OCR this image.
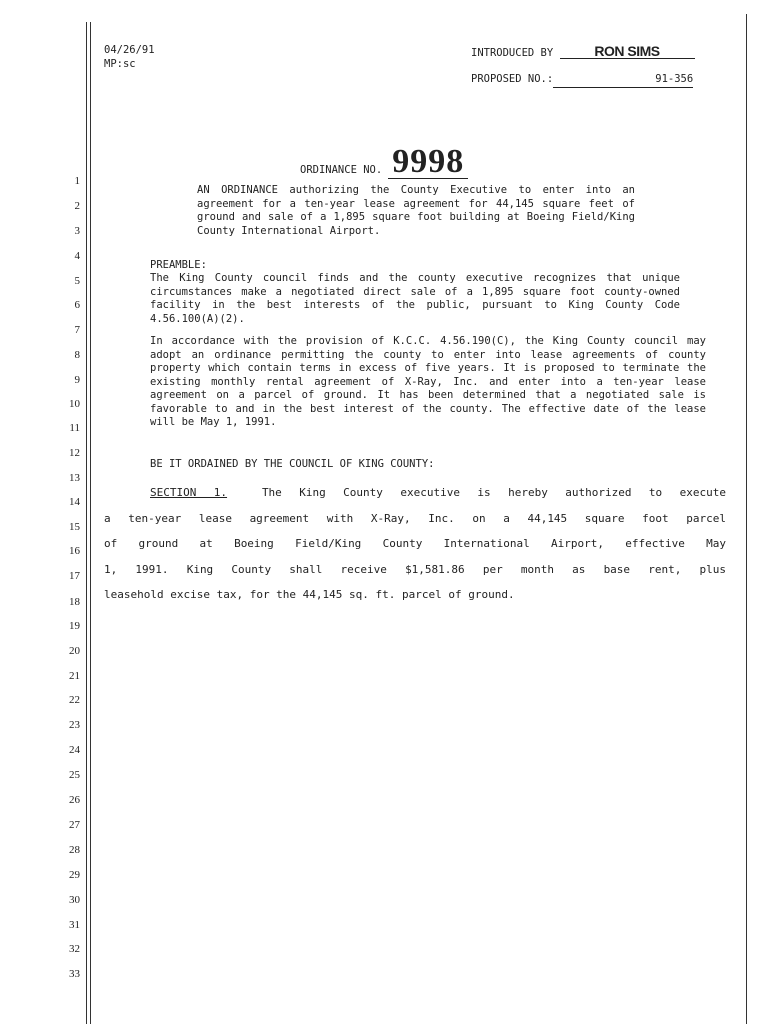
1
2
3
4
5
6
7
8
9
10
11
12
13
14
15
16
17
18
19
20
21
22
23
24
25
26
27
28
29
30
31
32
33
04/26/91
MP:sc
INTRODUCED BY	RON SIMS
PROPOSED NO.:	91-356
ORDINANCE NO. 9998
AN ORDINANCE authorizing the County Executive to enter into an agreement for a ten-year lease agreement for 44,145 square feet of ground and sale of a 1,895 square foot building at Boeing Field/King County International Airport.
PREAMBLE:
The King County council finds and the county executive recognizes that unique circumstances make a negotiated direct sale of a 1,895 square foot county-owned facility in the best interests of the public, pursuant to King County Code 4.56.100(A)(2).
In accordance with the provision of K.C.C. 4.56.190(C), the King County council may adopt an ordinance permitting the county to enter into lease agreements of county property which contain terms in excess of five years. It is proposed to terminate the existing monthly rental agreement of X-Ray, Inc. and enter into a ten-year lease agreement on a parcel of ground. It has been determined that a negotiated sale is favorable to and in the best interest of the county. The effective date of the lease will be May 1, 1991.
BE IT ORDAINED BY THE COUNCIL OF KING COUNTY:
SECTION 1.	The King County executive is hereby authorized to execute
a ten-year lease agreement with X-Ray, Inc. on a 44,145 square foot parcel
of ground at Boeing Field/King County International Airport, effective May
1, 1991. King County shall receive $1,581.86 per month as base rent, plus
leasehold excise tax, for the 44,145 sq. ft. parcel of ground.
